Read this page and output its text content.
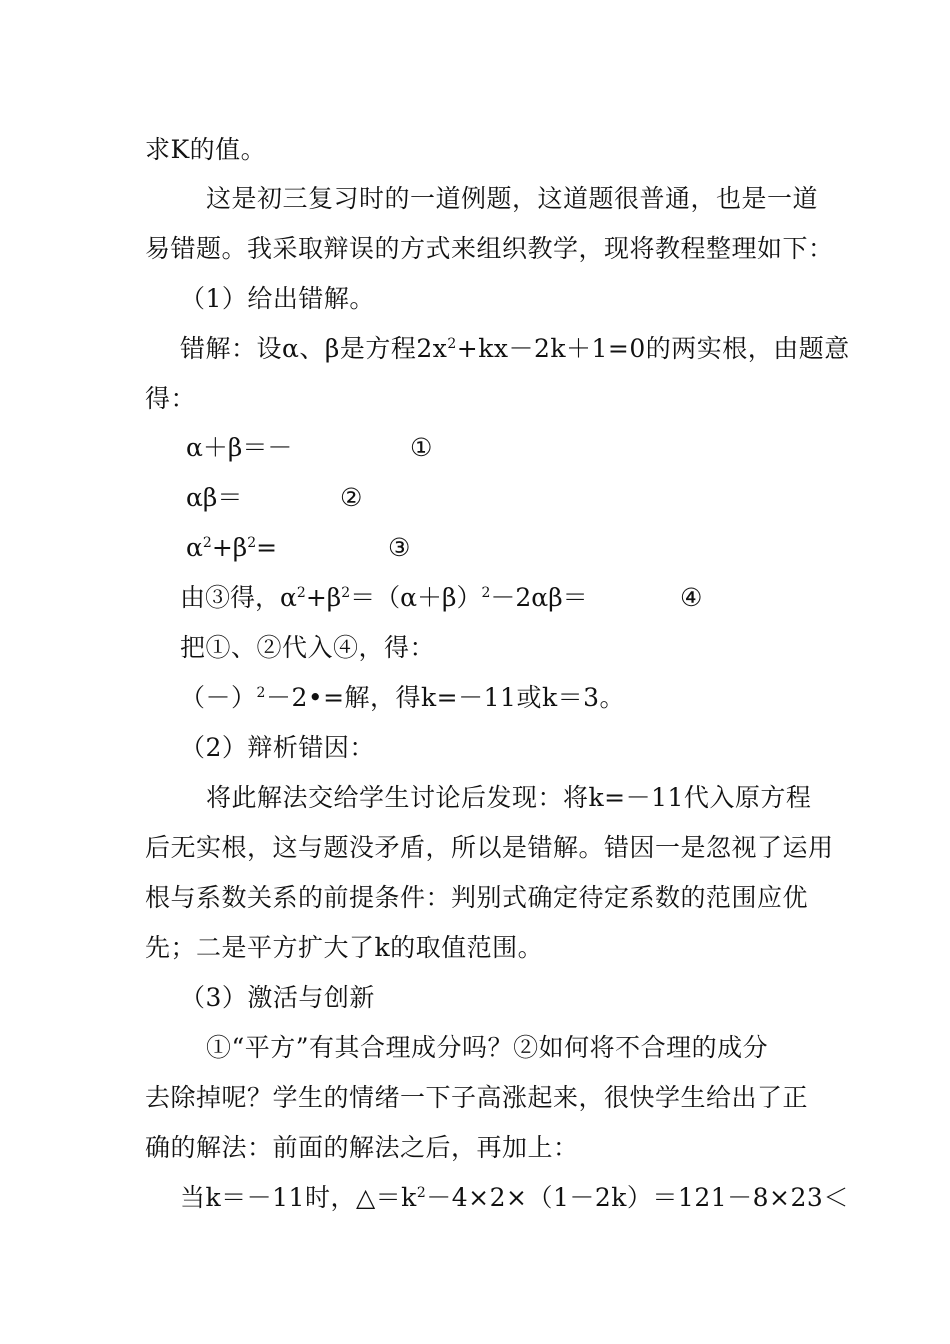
求K的值。
这是初三复习时的一道例题，这道题很普通，也是一道
易错题。我采取辩误的方式来组织教学，现将教程整理如下：
（1）给出错解。
错解：设α、β是方程$2x^2+kx-2k+1=0$的两实根，由题意
得：
α＋β＝－	①
αβ＝	②
$\alpha^2+\beta^2=$	③
由③得，$\alpha^2+\beta^2=(\alpha+\beta)^2-2\alpha\beta=$	④
把①、②代入④，得：
$(-)^2-2•=$解，得k=－11或k＝3。
（2）辩析错因：
将此解法交给学生讨论后发现：将k=－11代入原方程
后无实根，这与题没矛盾，所以是错解。错因一是忽视了运用
根与系数关系的前提条件：判别式确定待定系数的范围应优
先；二是平方扩大了k的取值范围。
（3）激活与创新
①“平方”有其合理成分吗？②如何将不合理的成分
去除掉呢？学生的情绪一下子高涨起来，很快学生给出了正
确的解法：前面的解法之后，再加上：
当k＝－11时，$\triangle=k^2-4\times 2\times(1-2k)=121-8\times 23<$
